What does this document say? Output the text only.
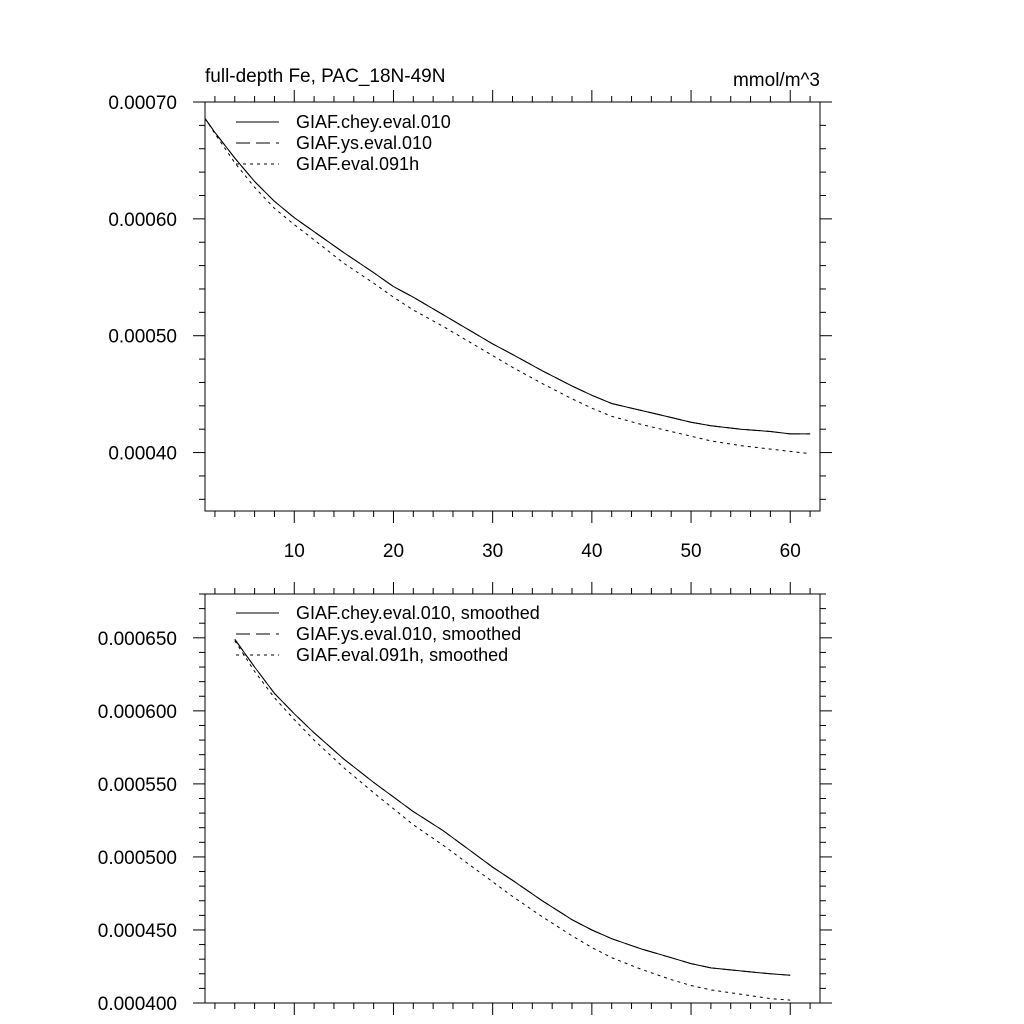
full-depth Fe, PAC_18N-49N	mmol/m^3
0.00040
0.00050
0.00060
0.00070
10	20	30	40	50	60
GIAF.chey.eval.010
GIAF.ys.eval.010
GIAF.eval.091h
0.000400
0.000450
0.000500
0.000550
0.000600
0.000650
GIAF.chey.eval.010, smoothed
GIAF.ys.eval.010, smoothed
GIAF.eval.091h, smoothed
